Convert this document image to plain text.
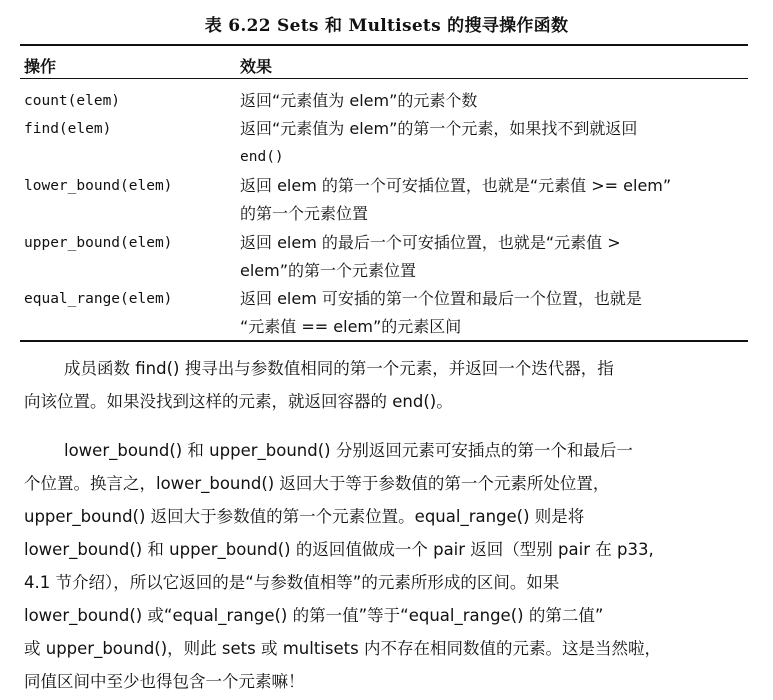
表 6.22 Sets 和 Multisets 的搜寻操作函数
操作	效果
count(elem)	返回“元素值为 elem”的元素个数
find(elem)	返回“元素值为 elem”的第一个元素，如果找不到就返回
end()
lower_bound(elem)	返回 elem 的第一个可安插位置，也就是“元素值 >= elem”
的第一个元素位置
upper_bound(elem)	返回 elem 的最后一个可安插位置，也就是“元素值 >
elem”的第一个元素位置
equal_range(elem)	返回 elem 可安插的第一个位置和最后一个位置，也就是
“元素值 == elem”的元素区间
成员函数 find() 搜寻出与参数值相同的第一个元素，并返回一个迭代器，指
向该位置。如果没找到这样的元素，就返回容器的 end()。
lower_bound() 和 upper_bound() 分别返回元素可安插点的第一个和最后一
个位置。换言之，lower_bound() 返回大于等于参数值的第一个元素所处位置，
upper_bound() 返回大于参数值的第一个元素位置。equal_range() 则是将
lower_bound() 和 upper_bound() 的返回值做成一个 pair 返回（型别 pair 在 p33,
4.1 节介绍），所以它返回的是“与参数值相等”的元素所形成的区间。如果
lower_bound() 或“equal_range() 的第一值”等于“equal_range() 的第二值”
或 upper_bound()，则此 sets 或 multisets 内不存在相同数值的元素。这是当然啦，
同值区间中至少也得包含一个元素嘛！
